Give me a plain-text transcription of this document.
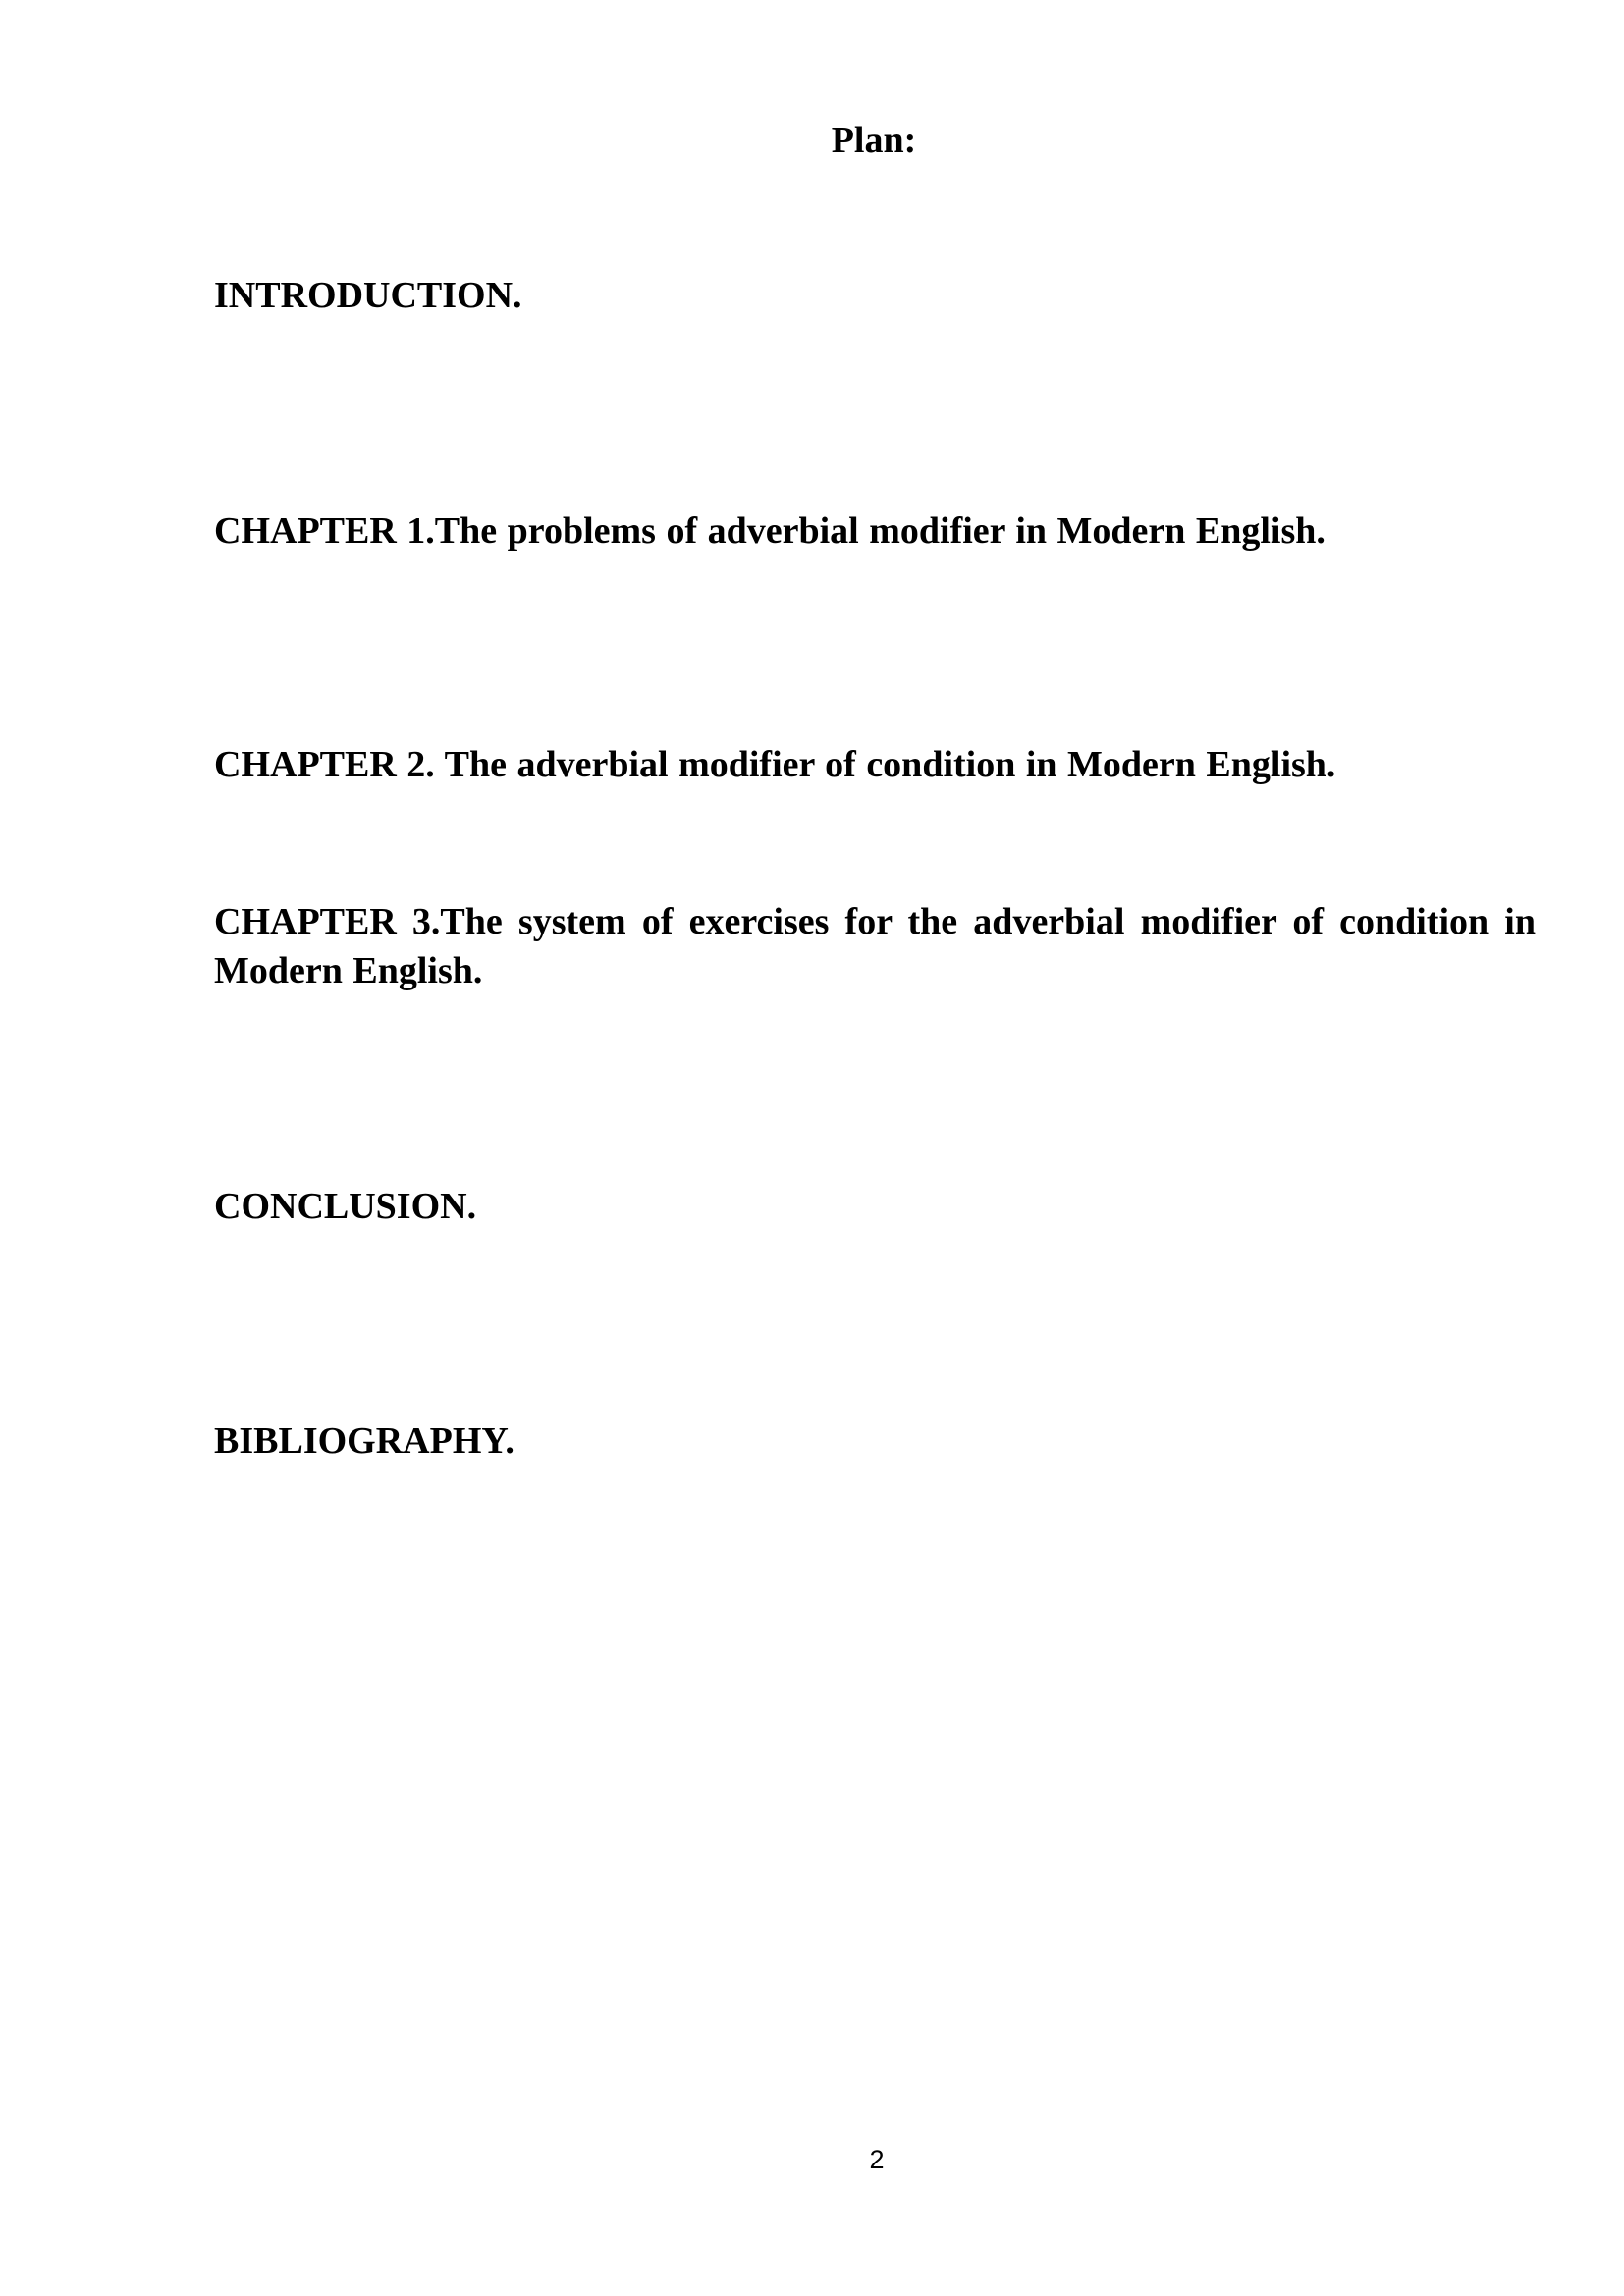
Plan:

INTRODUCTION.

CHAPTER 1.The problems of adverbial modifier in Modern English.

CHAPTER 2. The adverbial modifier of condition in Modern English.

CHAPTER 3.The system of exercises for the adverbial modifier of condition in Modern English.

CONCLUSION.

BIBLIOGRAPHY.

2
